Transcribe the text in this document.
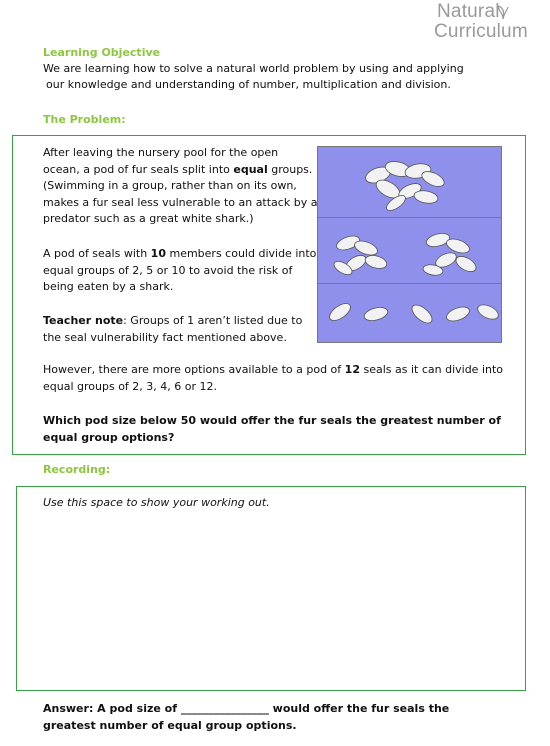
Natural
Curriculum
Learning Objective
We are learning how to solve a natural world problem by using and applying
our knowledge and understanding of number, multiplication and division.
The Problem:
After leaving the nursery pool for the open
ocean, a pod of fur seals split into equal groups.
(Swimming in a group, rather than on its own,
makes a fur seal less vulnerable to an attack by a
predator such as a great white shark.)
A pod of seals with 10 members could divide into
equal groups of 2, 5 or 10 to avoid the risk of
being eaten by a shark.
Teacher note: Groups of 1 aren’t listed due to
the seal vulnerability fact mentioned above.
However, there are more options available to a pod of 12 seals as it can divide into
equal groups of 2, 3, 4, 6 or 12.
Which pod size below 50 would offer the fur seals the greatest number of
equal group options?
Recording:
Use this space to show your working out.
Answer: A pod size of ________________ would offer the fur seals the
greatest number of equal group options.
